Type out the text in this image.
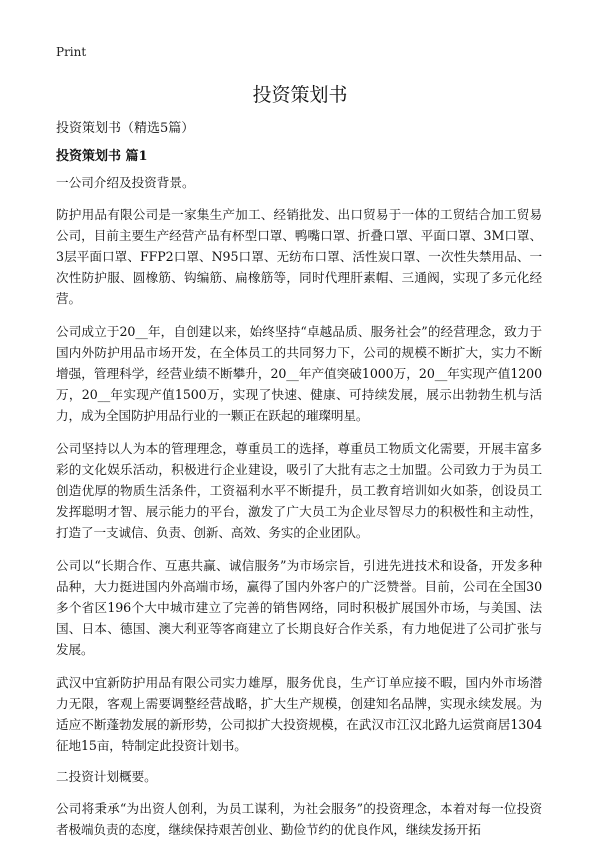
Print
投资策划书

投资策划书（精选5篇）

投资策划书 篇1

一公司介绍及投资背景。

防护用品有限公司是一家集生产加工、经销批发、出口贸易于一体的工贸结合加工贸易公司，目前主要生产经营产品有杯型口罩、鸭嘴口罩、折叠口罩、平面口罩、3M口罩、3层平面口罩、FFP2口罩、N95口罩、无纺布口罩、活性炭口罩、一次性失禁用品、一次性防护服、圆橡筋、钩编筋、扁橡筋等，同时代理肝素帽、三通阀，实现了多元化经营。

公司成立于20__年，自创建以来，始终坚持“卓越品质、服务社会”的经营理念，致力于国内外防护用品市场开发，在全体员工的共同努力下，公司的规模不断扩大，实力不断增强，管理科学，经营业绩不断攀升，20__年产值突破1000万，20__年实现产值1200万，20__年实现产值1500万，实现了快速、健康、可持续发展，展示出勃勃生机与活力，成为全国防护用品行业的一颗正在跃起的璀璨明星。

公司坚持以人为本的管理理念，尊重员工的选择，尊重员工物质文化需要，开展丰富多彩的文化娱乐活动，积极进行企业建设，吸引了大批有志之士加盟。公司致力于为员工创造优厚的物质生活条件，工资福利水平不断提升，员工教育培训如火如荼，创设员工发挥聪明才智、展示能力的平台，激发了广大员工为企业尽智尽力的积极性和主动性，打造了一支诚信、负责、创新、高效、务实的企业团队。

公司以“长期合作、互惠共赢、诚信服务”为市场宗旨，引进先进技术和设备，开发多种品种，大力挺进国内外高端市场，赢得了国内外客户的广泛赞誉。目前，公司在全国30多个省区196个大中城市建立了完善的销售网络，同时积极扩展国外市场，与美国、法国、日本、德国、澳大利亚等客商建立了长期良好合作关系，有力地促进了公司扩张与发展。

武汉中宜新防护用品有限公司实力雄厚，服务优良，生产订单应接不暇，国内外市场潜力无限，客观上需要调整经营战略，扩大生产规模，创建知名品牌，实现永续发展。为适应不断蓬勃发展的新形势，公司拟扩大投资规模，在武汉市江汉北路九运赏商居1304征地15亩，特制定此投资计划书。

二投资计划概要。

公司将秉承“为出资人创利，为员工谋利，为社会服务”的投资理念，本着对每一位投资者极端负责的态度，继续保持艰苦创业、勤俭节约的优良作风，继续发扬开拓
